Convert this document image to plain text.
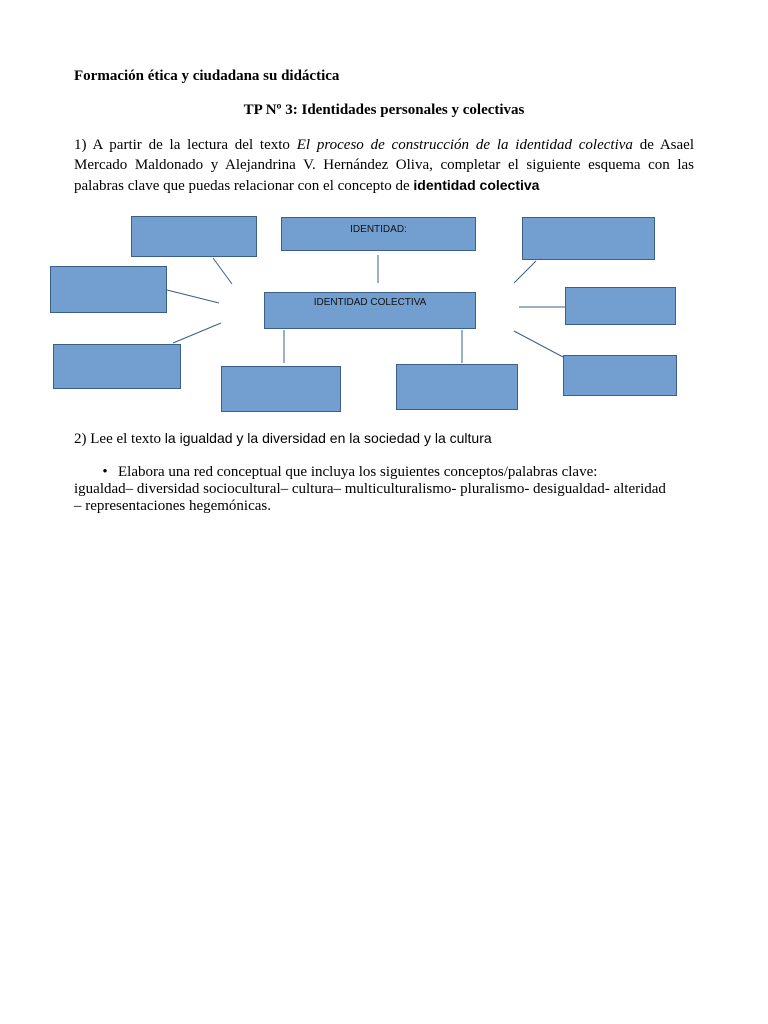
Formación ética y ciudadana su didáctica
TP Nº 3: Identidades personales y colectivas
1) A partir de la lectura del texto El proceso de construcción de la identidad colectiva de Asael Mercado Maldonado y Alejandrina V. Hernández Oliva, completar el siguiente esquema con las palabras clave que puedas relacionar con el concepto de identidad colectiva
IDENTIDAD:
IDENTIDAD COLECTIVA
2) Lee el texto la igualdad y la diversidad en la sociedad y la cultura
• Elabora una red conceptual que incluya los siguientes conceptos/palabras clave:
igualdad– diversidad sociocultural– cultura– multiculturalismo- pluralismo- desigualdad- alteridad
– representaciones hegemónicas.
